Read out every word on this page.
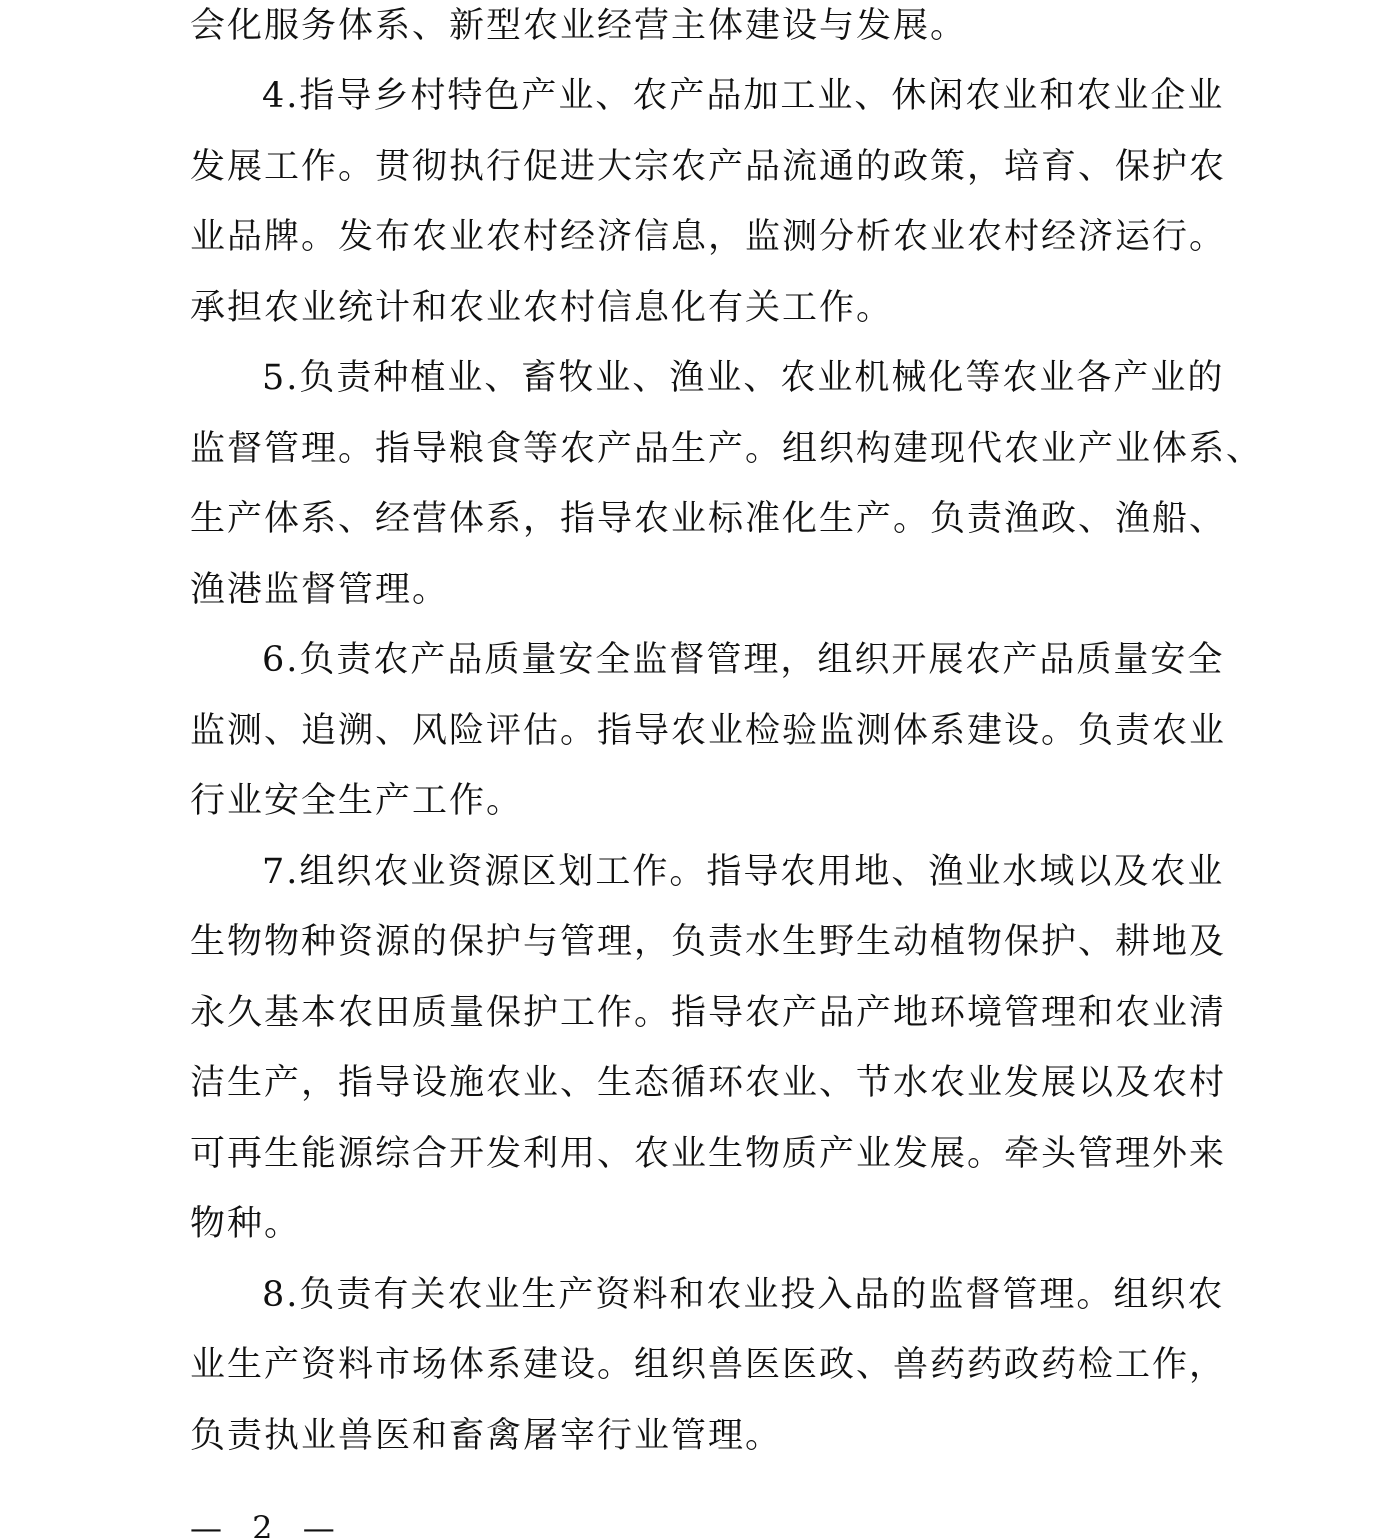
会化服务体系、新型农业经营主体建设与发展。
4.指导乡村特色产业、农产品加工业、休闲农业和农业企业
发展工作。贯彻执行促进大宗农产品流通的政策，培育、保护农
业品牌。发布农业农村经济信息，监测分析农业农村经济运行。
承担农业统计和农业农村信息化有关工作。
5.负责种植业、畜牧业、渔业、农业机械化等农业各产业的
监督管理。指导粮食等农产品生产。组织构建现代农业产业体系、
生产体系、经营体系，指导农业标准化生产。负责渔政、渔船、
渔港监督管理。
6.负责农产品质量安全监督管理，组织开展农产品质量安全
监测、追溯、风险评估。指导农业检验监测体系建设。负责农业
行业安全生产工作。
7.组织农业资源区划工作。指导农用地、渔业水域以及农业
生物物种资源的保护与管理，负责水生野生动植物保护、耕地及
永久基本农田质量保护工作。指导农产品产地环境管理和农业清
洁生产，指导设施农业、生态循环农业、节水农业发展以及农村
可再生能源综合开发利用、农业生物质产业发展。牵头管理外来
物种。
8.负责有关农业生产资料和农业投入品的监督管理。组织农
业生产资料市场体系建设。组织兽医医政、兽药药政药检工作，
负责执业兽医和畜禽屠宰行业管理。
— 2 —
